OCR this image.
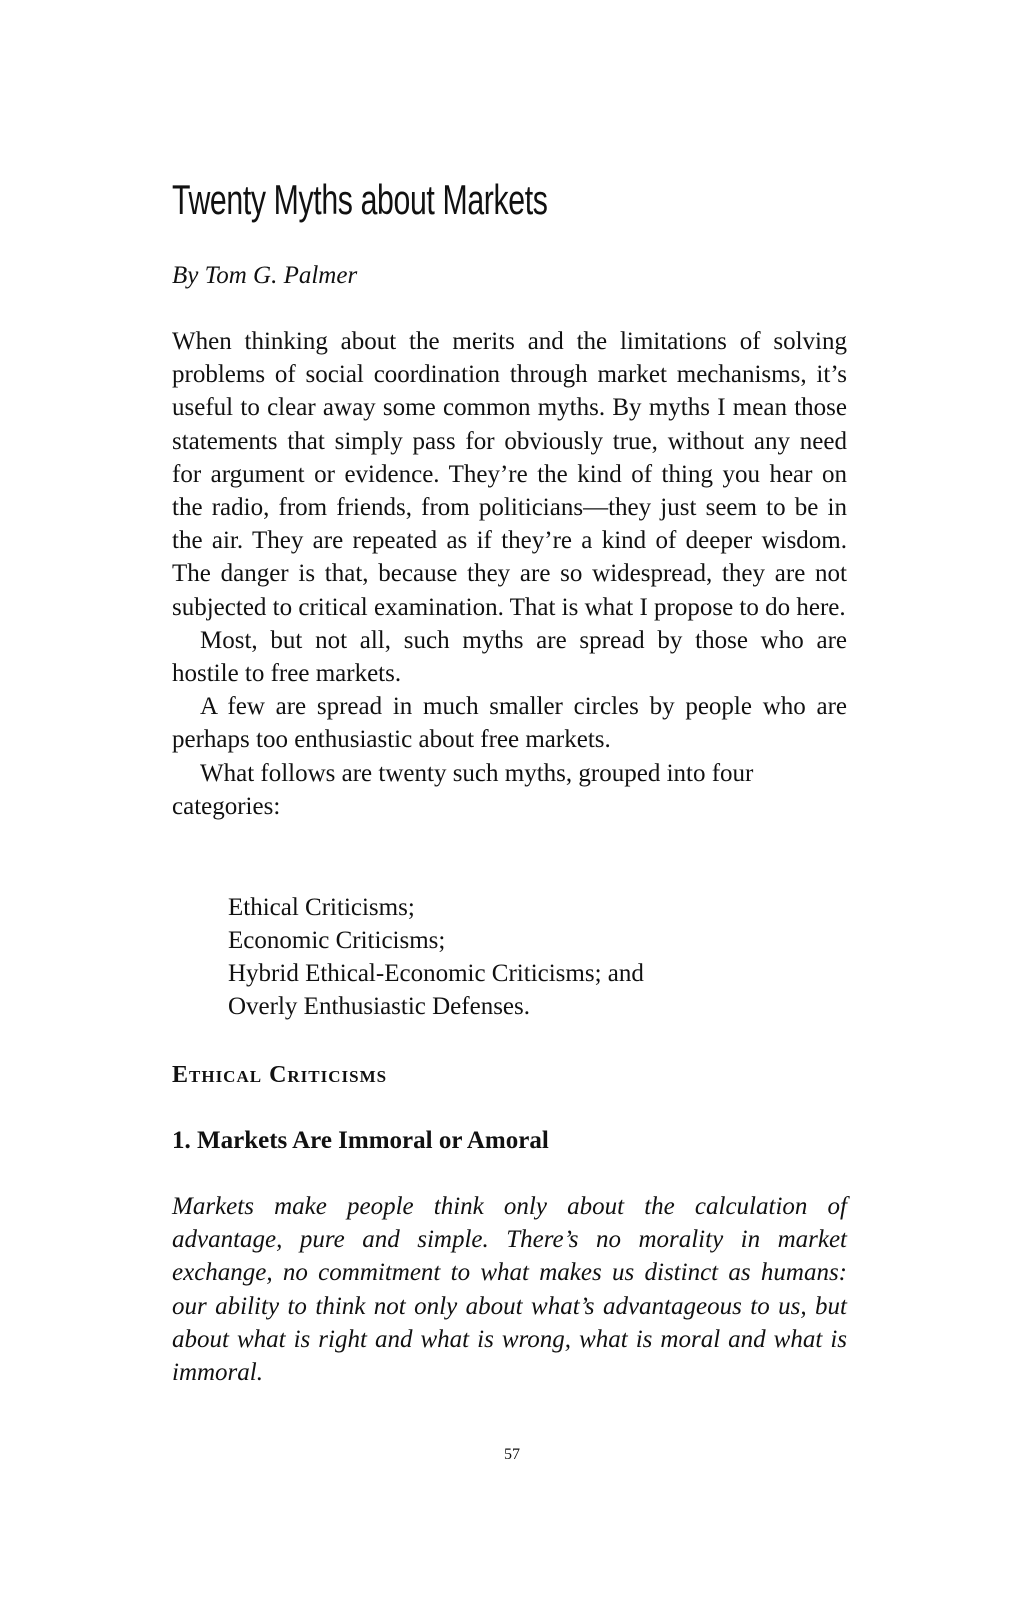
Twenty Myths about Markets

By Tom G. Palmer

When thinking about the merits and the limitations of solving problems of social coordination through market mechanisms, it’s useful to clear away some common myths. By myths I mean those statements that simply pass for obviously true, without any need for argument or evidence. They’re the kind of thing you hear on the radio, from friends, from politicians—they just seem to be in the air. They are repeated as if they’re a kind of deeper wisdom. The danger is that, because they are so widespread, they are not subjected to critical examination. That is what I propose to do here.

Most, but not all, such myths are spread by those who are hostile to free markets.

A few are spread in much smaller circles by people who are perhaps too enthusiastic about free markets.

What follows are twenty such myths, grouped into four categories:

Ethical Criticisms;
Economic Criticisms;
Hybrid Ethical-Economic Criticisms; and
Overly Enthusiastic Defenses.
Ethical Criticisms
1. Markets Are Immoral or Amoral

Markets make people think only about the calculation of advantage, pure and simple. There’s no morality in market exchange, no commitment to what makes us distinct as humans: our ability to think not only about what’s advantageous to us, but about what is right and what is wrong, what is moral and what is immoral.

57
